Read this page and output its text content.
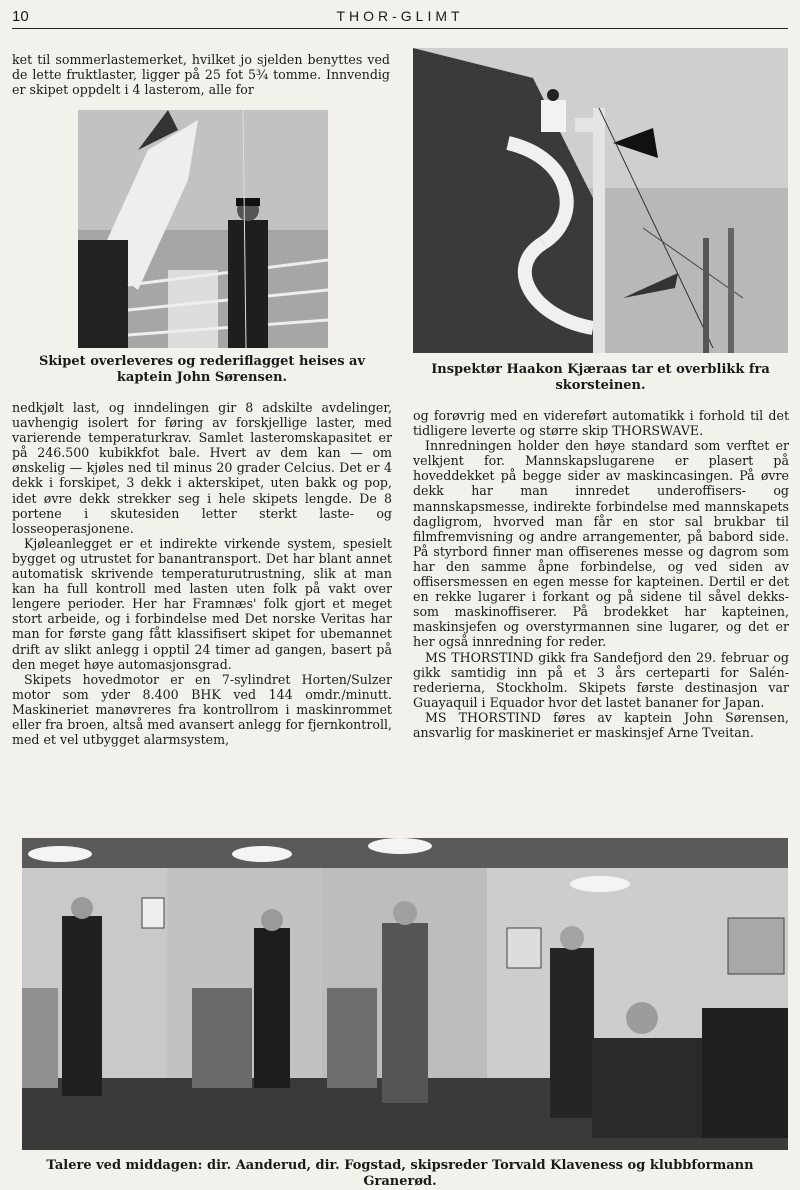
10	THOR-GLIMT

ket til sommerlastemerket, hvilket jo sjelden benyttes ved de lette fruktlaster, ligger på 25 fot 5¾ tomme. Innvendig er skipet oppdelt i 4 lasterom, alle for

Skipet overleveres og rederiflagget heises av kaptein John Sørensen.

nedkjølt last, og inndelingen gir 8 adskilte avdelinger, uavhengig isolert for føring av forskjellige laster, med varierende temperaturkrav. Samlet lasteromskapasitet er på 246.500 kubikkfot bale. Hvert av dem kan — om ønskelig — kjøles ned til minus 20 grader Celcius. Det er 4 dekk i forskipet, 3 dekk i akterskipet, uten bakk og pop, idet øvre dekk strekker seg i hele skipets lengde. De 8 portene i skutesiden letter sterkt laste- og losseoperasjonene.

Kjøleanlegget er et indirekte virkende system, spesielt bygget og utrustet for banantransport. Det har blant annet automatisk skrivende temperaturutrustning, slik at man kan ha full kontroll med lasten uten folk på vakt over lengere perioder. Her har Framnæs' folk gjort et meget stort arbeide, og i forbindelse med Det norske Veritas har man for første gang fått klassifisert skipet for ubemannet drift av slikt anlegg i opptil 24 timer ad gangen, basert på den meget høye automasjonsgrad.

Skipets hovedmotor er en 7-sylindret Horten/Sulzer motor som yder 8.400 BHK ved 144 omdr./minutt. Maskineriet manøvreres fra kontrollrom i maskinrommet eller fra broen, altså med avansert anlegg for fjernkontroll, med et vel utbygget alarmsystem,

Inspektør Haakon Kjæraas tar et overblikk fra skorsteinen.

og forøvrig med en videreført automatikk i forhold til det tidligere leverte og større skip THORSWAVE.

Innredningen holder den høye standard som verftet er velkjent for. Mannskapslugarene er plasert på hoveddekket på begge sider av maskincasingen. På øvre dekk har man innredet underoffisers- og mannskapsmesse, indirekte forbindelse med mannskapets dagligrom, hvorved man får en stor sal brukbar til filmfremvisning og andre arrangementer, på babord side. På styrbord finner man offiserenes messe og dagrom som har den samme åpne forbindelse, og ved siden av offisersmessen en egen messe for kapteinen. Dertil er det en rekke lugarer i forkant og på sidene til såvel dekks- som maskinoffiserer. På brodekket har kapteinen, maskinsjefen og overstyrmannen sine lugarer, og det er her også innredning for reder.

MS THORSTIND gikk fra Sandefjord den 29. februar og gikk samtidig inn på et 3 års certeparti for Salén-rederierna, Stockholm. Skipets første destinasjon var Guayaquil i Equador hvor det lastet bananer for Japan.

MS THORSTIND føres av kaptein John Sørensen, ansvarlig for maskineriet er maskinsjef Arne Tveitan.

Talere ved middagen: dir. Aanderud, dir. Fogstad, skipsreder Torvald Klaveness og klubbformann Granerød.
